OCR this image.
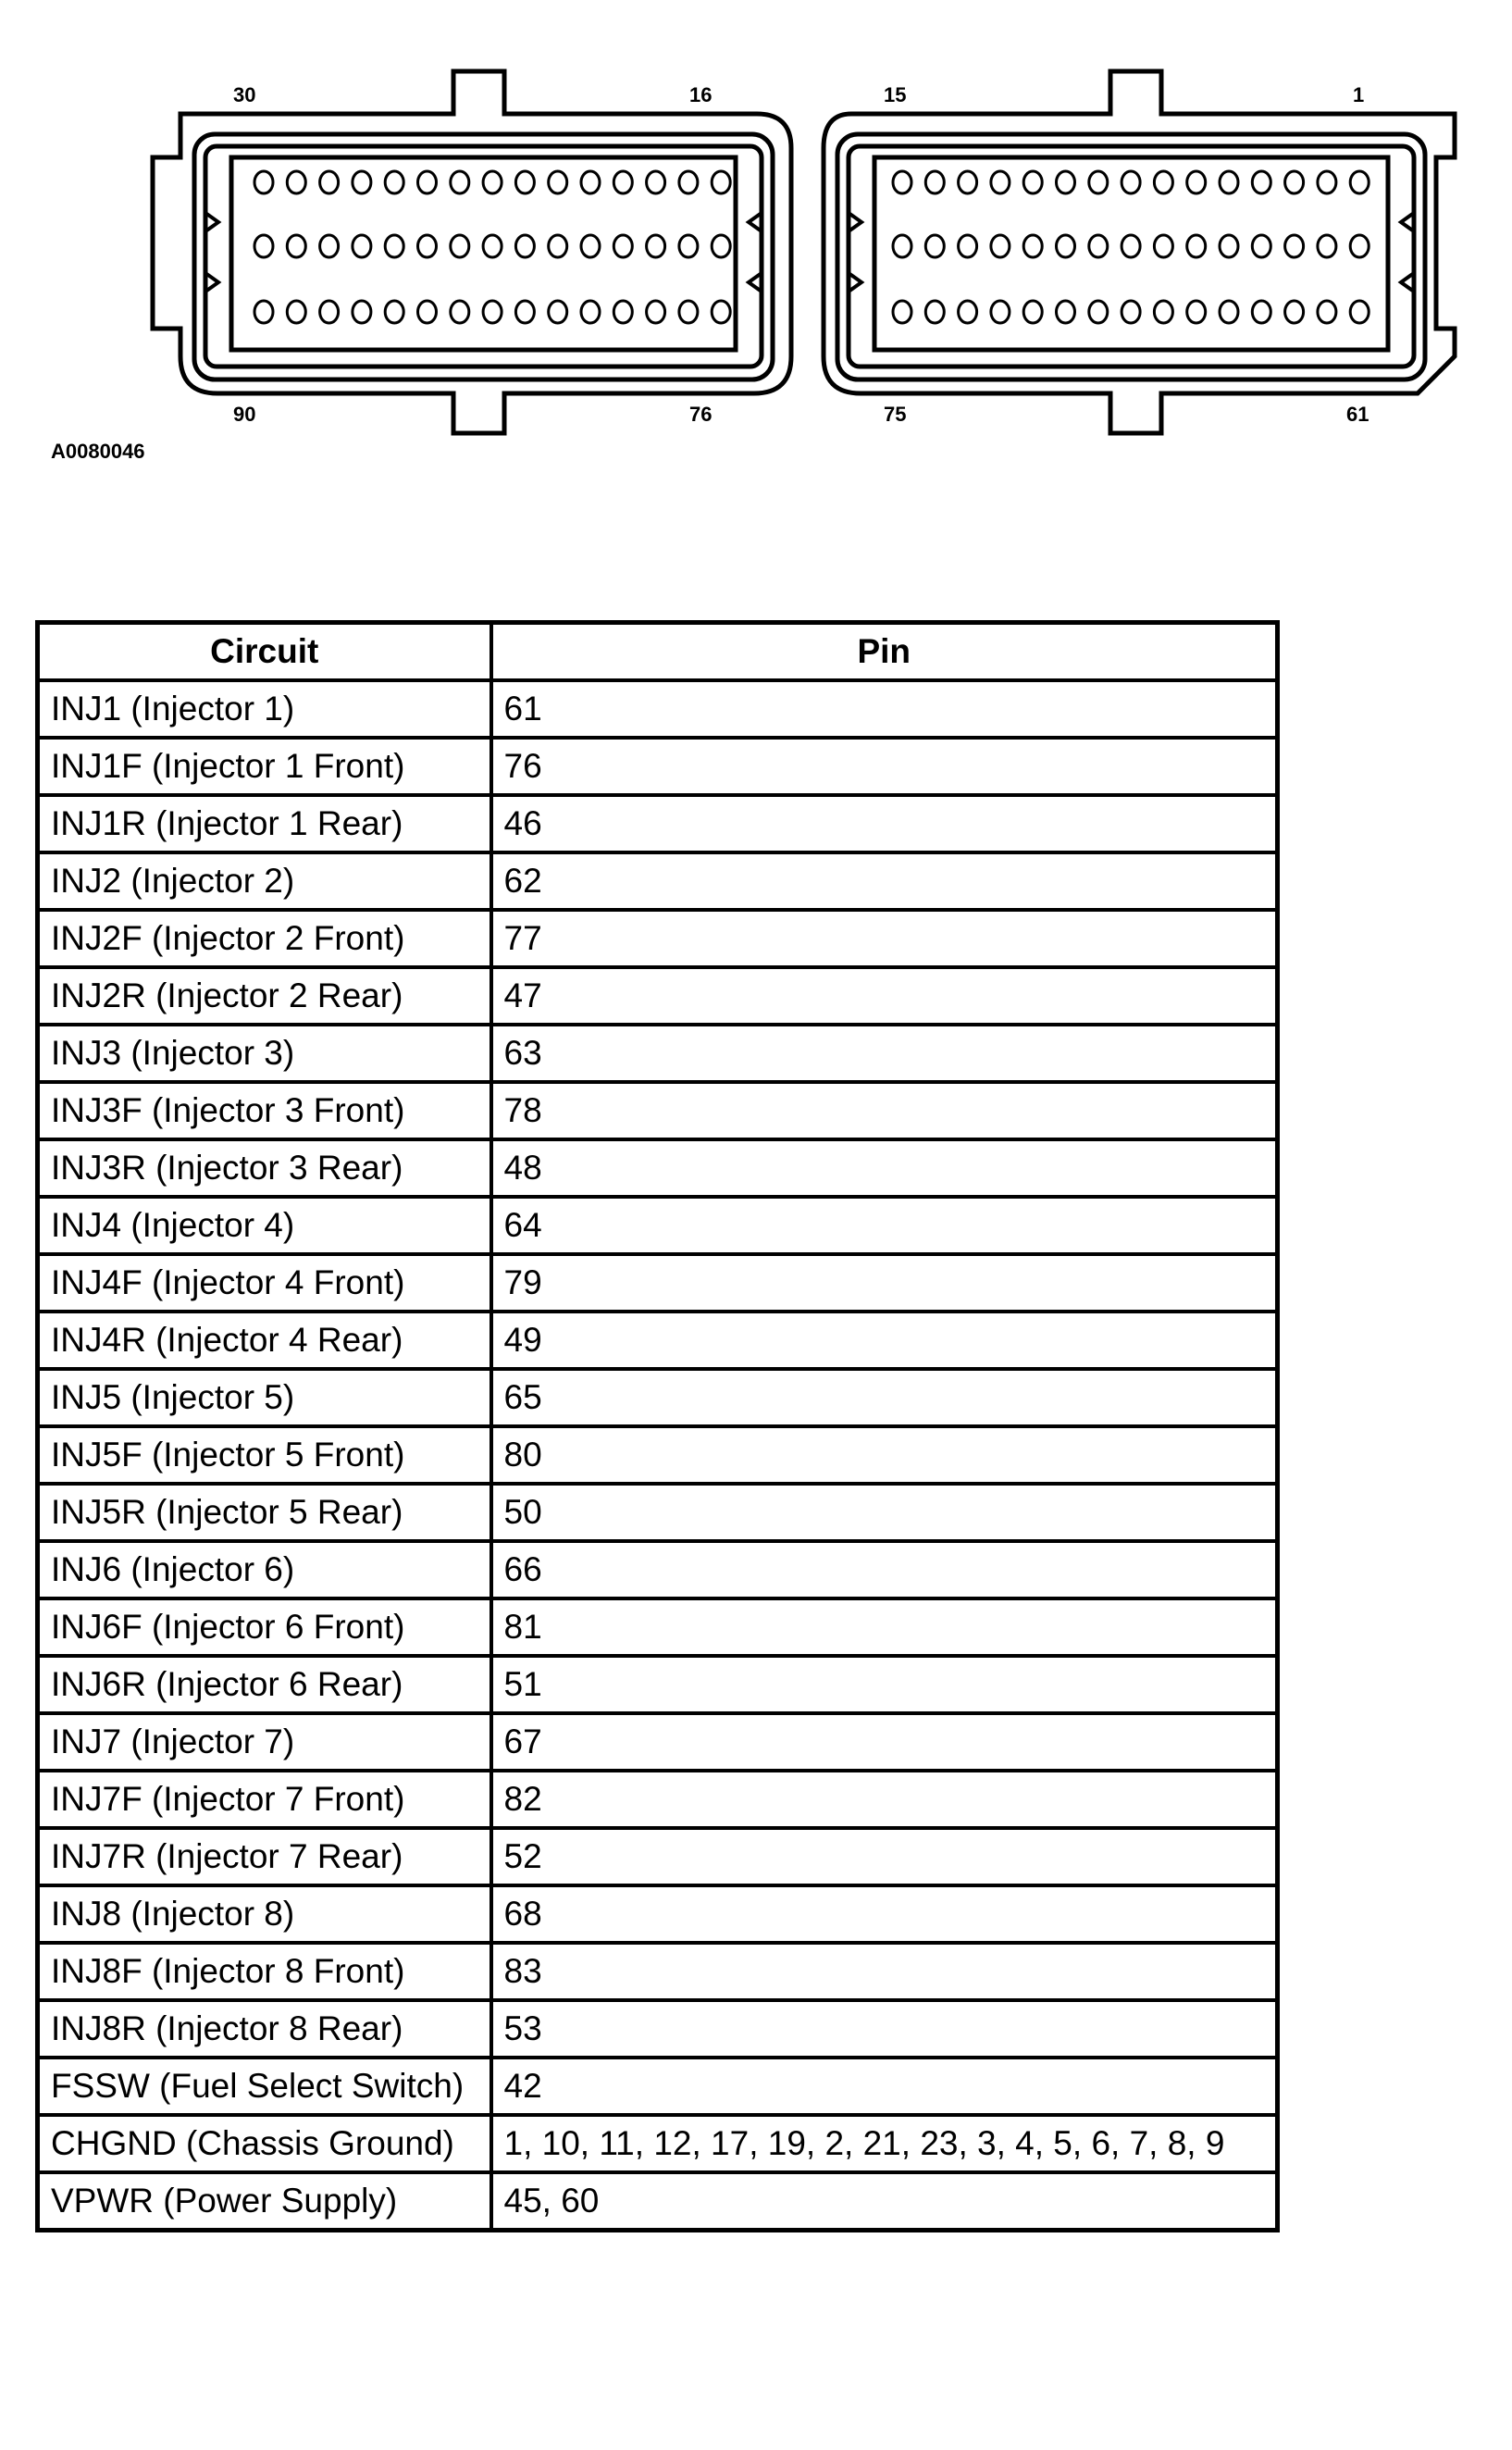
30	16
90	76
15	1
75	61
A0080046
Circuit	Pin
INJ1 (Injector 1)	61
INJ1F (Injector 1 Front)	76
INJ1R (Injector 1 Rear)	46
INJ2 (Injector 2)	62
INJ2F (Injector 2 Front)	77
INJ2R (Injector 2 Rear)	47
INJ3 (Injector 3)	63
INJ3F (Injector 3 Front)	78
INJ3R (Injector 3 Rear)	48
INJ4 (Injector 4)	64
INJ4F (Injector 4 Front)	79
INJ4R (Injector 4 Rear)	49
INJ5 (Injector 5)	65
INJ5F (Injector 5 Front)	80
INJ5R (Injector 5 Rear)	50
INJ6 (Injector 6)	66
INJ6F (Injector 6 Front)	81
INJ6R (Injector 6 Rear)	51
INJ7 (Injector 7)	67
INJ7F (Injector 7 Front)	82
INJ7R (Injector 7 Rear)	52
INJ8 (Injector 8)	68
INJ8F (Injector 8 Front)	83
INJ8R (Injector 8 Rear)	53
FSSW (Fuel Select Switch)	42
CHGND (Chassis Ground)	1, 10, 11, 12, 17, 19, 2, 21, 23, 3, 4, 5, 6, 7, 8, 9
VPWR (Power Supply)	45, 60
